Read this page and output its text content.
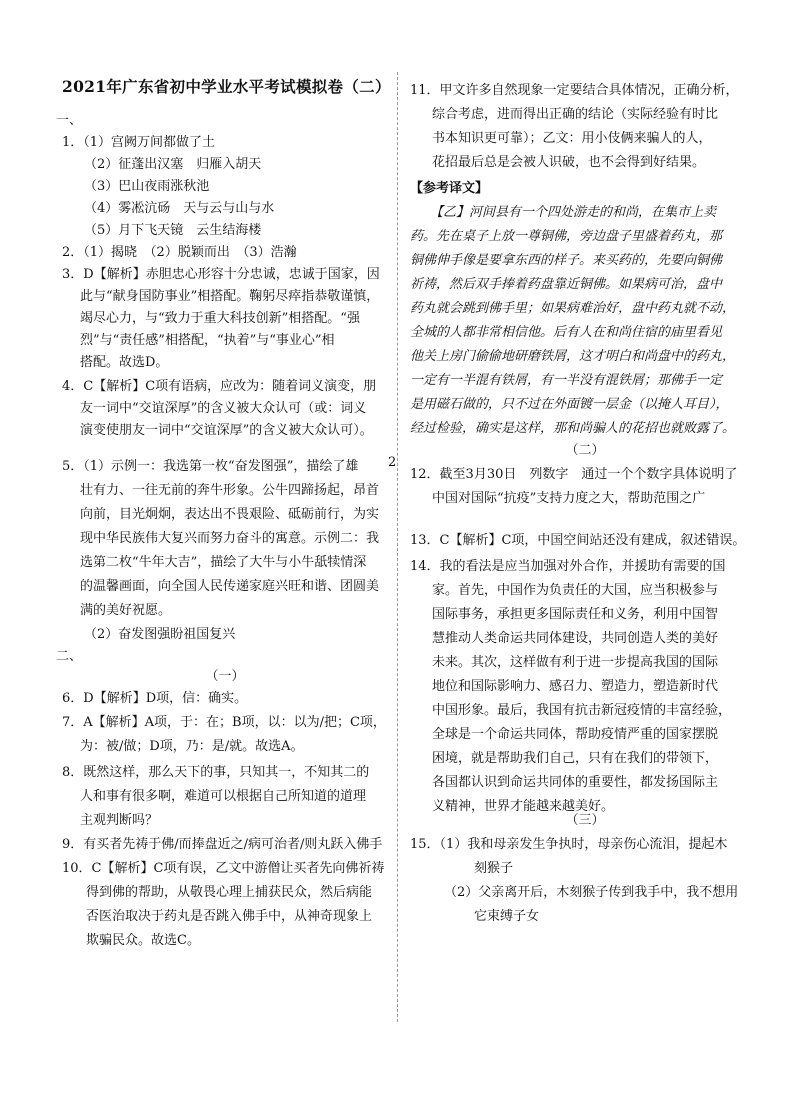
2021年广东省初中学业水平考试模拟卷（二）
2
一、
1．（1）宫阙万间都做了土
（2）征蓬出汉塞　归雁入胡天
（3）巴山夜雨涨秋池
（4）雾凇沆砀　天与云与山与水
（5）月下飞天镜　云生结海楼
2．（1）揭晓　（2）脱颖而出　（3）浩瀚
3．D【解析】赤胆忠心形容十分忠诚，忠诚于国家，因
此与“献身国防事业”相搭配。鞠躬尽瘁指恭敬谨慎，
竭尽心力，与“致力于重大科技创新”相搭配。“强
烈”与“责任感”相搭配，“执着”与“事业心”相
搭配。故选D。
4．C【解析】C项有语病，应改为：随着词义演变，朋
友一词中“交谊深厚”的含义被大众认可（或：词义
演变使朋友一词中“交谊深厚”的含义被大众认可）。
5．（1）示例一：我选第一枚“奋发图强”，描绘了雄
壮有力、一往无前的奔牛形象。公牛四蹄扬起，昂首
向前，目光炯炯，表达出不畏艰险、砥砺前行，为实
现中华民族伟大复兴而努力奋斗的寓意。示例二：我
选第二枚“牛年大吉”，描绘了大牛与小牛舐犊情深
的温馨画面，向全国人民传递家庭兴旺和谐、团圆美
满的美好祝愿。
（2）奋发图强盼祖国复兴
二、
（一）
6．D【解析】D项，信：确实。
7．A【解析】A项，于：在；B项，以：以为/把；C项，
为：被/做；D项，乃：是/就。故选A。
8．既然这样，那么天下的事，只知其一，不知其二的
人和事有很多啊，难道可以根据自己所知道的道理
主观判断吗？
9．有买者先祷于佛/而捧盘近之/病可治者/则丸跃入佛手
10．C【解析】C项有误，乙文中游僧让买者先向佛祈祷
得到佛的帮助，从敬畏心理上捕获民众，然后病能
否医治取决于药丸是否跳入佛手中，从神奇现象上
欺骗民众。故选C。
11．甲文许多自然现象一定要结合具体情况，正确分析，
综合考虑，进而得出正确的结论（实际经验有时比
书本知识更可靠）；乙文：用小伎俩来骗人的人，
花招最后总是会被人识破，也不会得到好结果。
【参考译文】
【乙】河间县有一个四处游走的和尚，在集市上卖
药。先在桌子上放一尊铜佛，旁边盘子里盛着药丸，那
铜佛伸手像是要拿东西的样子。来买药的，先要向铜佛
祈祷，然后双手捧着药盘靠近铜佛。如果病可治，盘中
药丸就会跳到佛手里；如果病难治好，盘中药丸就不动，
全城的人都非常相信他。后有人在和尚住宿的庙里看见
他关上房门偷偷地研磨铁屑，这才明白和尚盘中的药丸，
一定有一半混有铁屑，有一半没有混铁屑；那佛手一定
是用磁石做的，只不过在外面镀一层金（以掩人耳目），
经过检验，确实是这样，那和尚骗人的花招也就败露了。
（二）
12．截至3月30日　列数字　通过一个个数字具体说明了
中国对国际“抗疫”支持力度之大，帮助范围之广
13．C【解析】C项，中国空间站还没有建成，叙述错误。
14．我的看法是应当加强对外合作，并援助有需要的国
家。首先，中国作为负责任的大国，应当积极参与
国际事务，承担更多国际责任和义务，利用中国智
慧推动人类命运共同体建设，共同创造人类的美好
未来。其次，这样做有利于进一步提高我国的国际
地位和国际影响力、感召力、塑造力，塑造新时代
中国形象。最后，我国有抗击新冠疫情的丰富经验，
全球是一个命运共同体，帮助疫情严重的国家摆脱
困境，就是帮助我们自己，只有在我们的带领下，
各国都认识到命运共同体的重要性，都发扬国际主
义精神，世界才能越来越美好。
（三）
15．（1）我和母亲发生争执时，母亲伤心流泪，提起木
刻猴子
（2）父亲离开后，木刻猴子传到我手中，我不想用
它束缚子女
